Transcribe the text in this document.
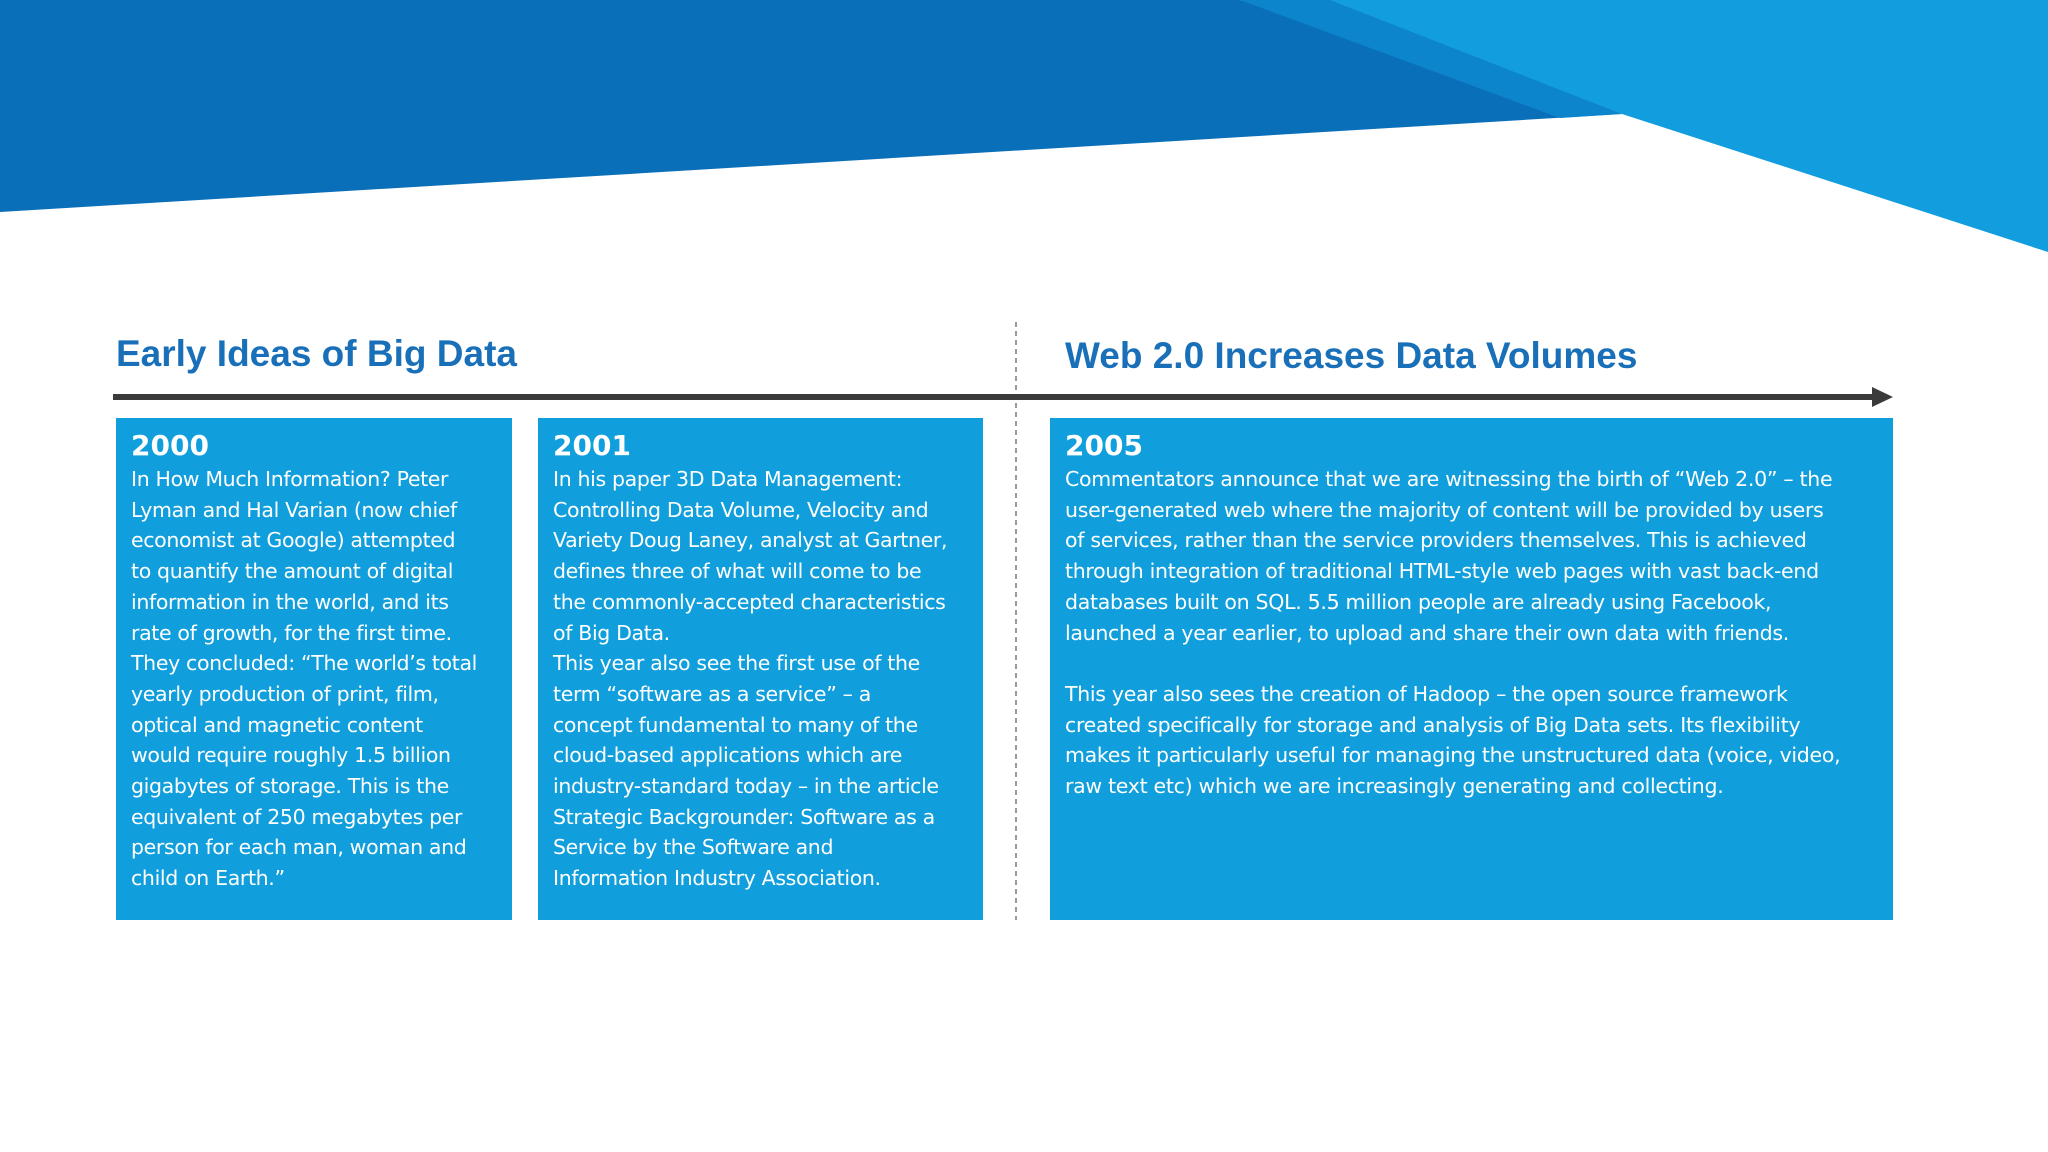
Early Ideas of Big Data	Web 2.0 Increases Data Volumes

2000

In How Much Information? Peter
Lyman and Hal Varian (now chief
economist at Google) attempted
to quantify the amount of digital
information in the world, and its
rate of growth, for the first time.
They concluded: “The world’s total
yearly production of print, film,
optical and magnetic content
would require roughly 1.5 billion
gigabytes of storage. This is the
equivalent of 250 megabytes per
person for each man, woman and
child on Earth.”

2001

In his paper 3D Data Management:
Controlling Data Volume, Velocity and
Variety Doug Laney, analyst at Gartner,
defines three of what will come to be
the commonly-accepted characteristics
of Big Data.
This year also see the first use of the
term “software as a service” – a
concept fundamental to many of the
cloud-based applications which are
industry-standard today – in the article
Strategic Backgrounder: Software as a
Service by the Software and
Information Industry Association.

2005

Commentators announce that we are witnessing the birth of “Web 2.0” – the
user-generated web where the majority of content will be provided by users
of services, rather than the service providers themselves. This is achieved
through integration of traditional HTML-style web pages with vast back-end
databases built on SQL. 5.5 million people are already using Facebook,
launched a year earlier, to upload and share their own data with friends.
This year also sees the creation of Hadoop – the open source framework
created specifically for storage and analysis of Big Data sets. Its flexibility
makes it particularly useful for managing the unstructured data (voice, video,
raw text etc) which we are increasingly generating and collecting.
